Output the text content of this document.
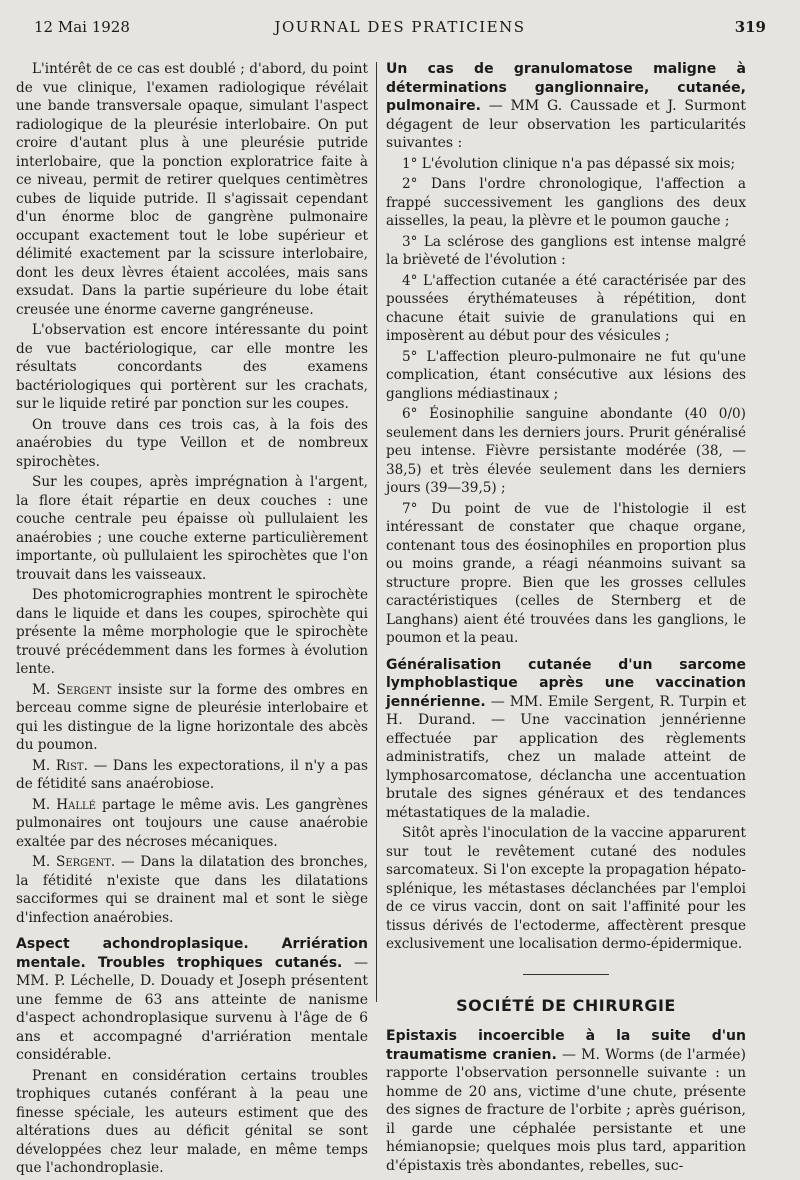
12 Mai 1928	JOURNAL DES PRATICIENS	319

L'intérêt de ce cas est doublé ; d'abord, du point de vue clinique, l'examen radiologique révélait une bande transversale opaque, simulant l'aspect radiologique de la pleurésie interlobaire. On put croire d'autant plus à une pleurésie putride interlobaire, que la ponction exploratrice faite à ce niveau, permit de retirer quelques centimètres cubes de liquide putride. Il s'agissait cependant d'un énorme bloc de gangrène pulmonaire occupant exactement tout le lobe supérieur et délimité exactement par la scissure interlobaire, dont les deux lèvres étaient accolées, mais sans exsudat. Dans la partie supérieure du lobe était creusée une énorme caverne gangréneuse.

L'observation est encore intéressante du point de vue bactériologique, car elle montre les résultats concordants des examens bactériologiques qui portèrent sur les crachats, sur le liquide retiré par ponction sur les coupes.

On trouve dans ces trois cas, à la fois des anaérobies du type Veillon et de nombreux spirochètes.

Sur les coupes, après imprégnation à l'argent, la flore était répartie en deux couches : une couche centrale peu épaisse où pullulaient les anaérobies ; une couche externe particulièrement importante, où pullulaient les spirochètes que l'on trouvait dans les vaisseaux.

Des photomicrographies montrent le spirochète dans le liquide et dans les coupes, spirochète qui présente la même morphologie que le spirochète trouvé précédemment dans les formes à évolution lente.

M. Sergent insiste sur la forme des ombres en berceau comme signe de pleurésie interlobaire et qui les distingue de la ligne horizontale des abcès du poumon.

M. Rist. — Dans les expectorations, il n'y a pas de fétidité sans anaérobiose.

M. Hallé partage le même avis. Les gangrènes pulmonaires ont toujours une cause anaérobie exaltée par des nécroses mécaniques.

M. Sergent. — Dans la dilatation des bronches, la fétidité n'existe que dans les dilatations sacciformes qui se drainent mal et sont le siège d'infection anaérobies.

Aspect achondroplasique. Arriération mentale. Troubles trophiques cutanés. — MM. P. Léchelle, D. Douady et Joseph présentent une femme de 63 ans atteinte de nanisme d'aspect achondroplasique survenu à l'âge de 6 ans et accompagné d'arriération mentale considérable.

Prenant en considération certains troubles trophiques cutanés conférant à la peau une finesse spéciale, les auteurs estiment que des altérations dues au déficit génital se sont développées chez leur malade, en même temps que l'achondroplasie.

Un cas de granulomatose maligne à déterminations ganglionnaire, cutanée, pulmonaire. — MM G. Caussade et J. Surmont dégagent de leur observation les particularités suivantes :

1° L'évolution clinique n'a pas dépassé six mois;

2° Dans l'ordre chronologique, l'affection a frappé successivement les ganglions des deux aisselles, la peau, la plèvre et le poumon gauche ;

3° La sclérose des ganglions est intense malgré la brièveté de l'évolution :

4° L'affection cutanée a été caractérisée par des poussées érythémateuses à répétition, dont chacune était suivie de granulations qui en imposèrent au début pour des vésicules ;

5° L'affection pleuro-pulmonaire ne fut qu'une complication, étant consécutive aux lésions des ganglions médiastinaux ;

6° Éosinophilie sanguine abondante (40 0/0) seulement dans les derniers jours. Prurit généralisé peu intense. Fièvre persistante modérée (38, — 38,5) et très élevée seulement dans les derniers jours (39—39,5) ;

7° Du point de vue de l'histologie il est intéressant de constater que chaque organe, contenant tous des éosinophiles en proportion plus ou moins grande, a réagi néanmoins suivant sa structure propre. Bien que les grosses cellules caractéristiques (celles de Sternberg et de Langhans) aient été trouvées dans les ganglions, le poumon et la peau.

Généralisation cutanée d'un sarcome lymphoblastique après une vaccination jennérienne. — MM. Emile Sergent, R. Turpin et H. Durand. — Une vaccination jennérienne effectuée par application des règlements administratifs, chez un malade atteint de lymphosarcomatose, déclancha une accentuation brutale des signes généraux et des tendances métastatiques de la maladie.

Sitôt après l'inoculation de la vaccine apparurent sur tout le revêtement cutané des nodules sarcomateux. Si l'on excepte la propagation hépato-splénique, les métastases déclanchées par l'emploi de ce virus vaccin, dont on sait l'affinité pour les tissus dérivés de l'ectoderme, affectèrent presque exclusivement une localisation dermo-épidermique.

SOCIÉTÉ DE CHIRURGIE
Epistaxis incoercible à la suite d'un traumatisme cranien. — M. Worms (de l'armée) rapporte l'observation personnelle suivante : un homme de 20 ans, victime d'une chute, présente des signes de fracture de l'orbite ; après guérison, il garde une céphalée persistante et une hémianopsie; quelques mois plus tard, apparition d'épistaxis très abondantes, rebelles, suc-
